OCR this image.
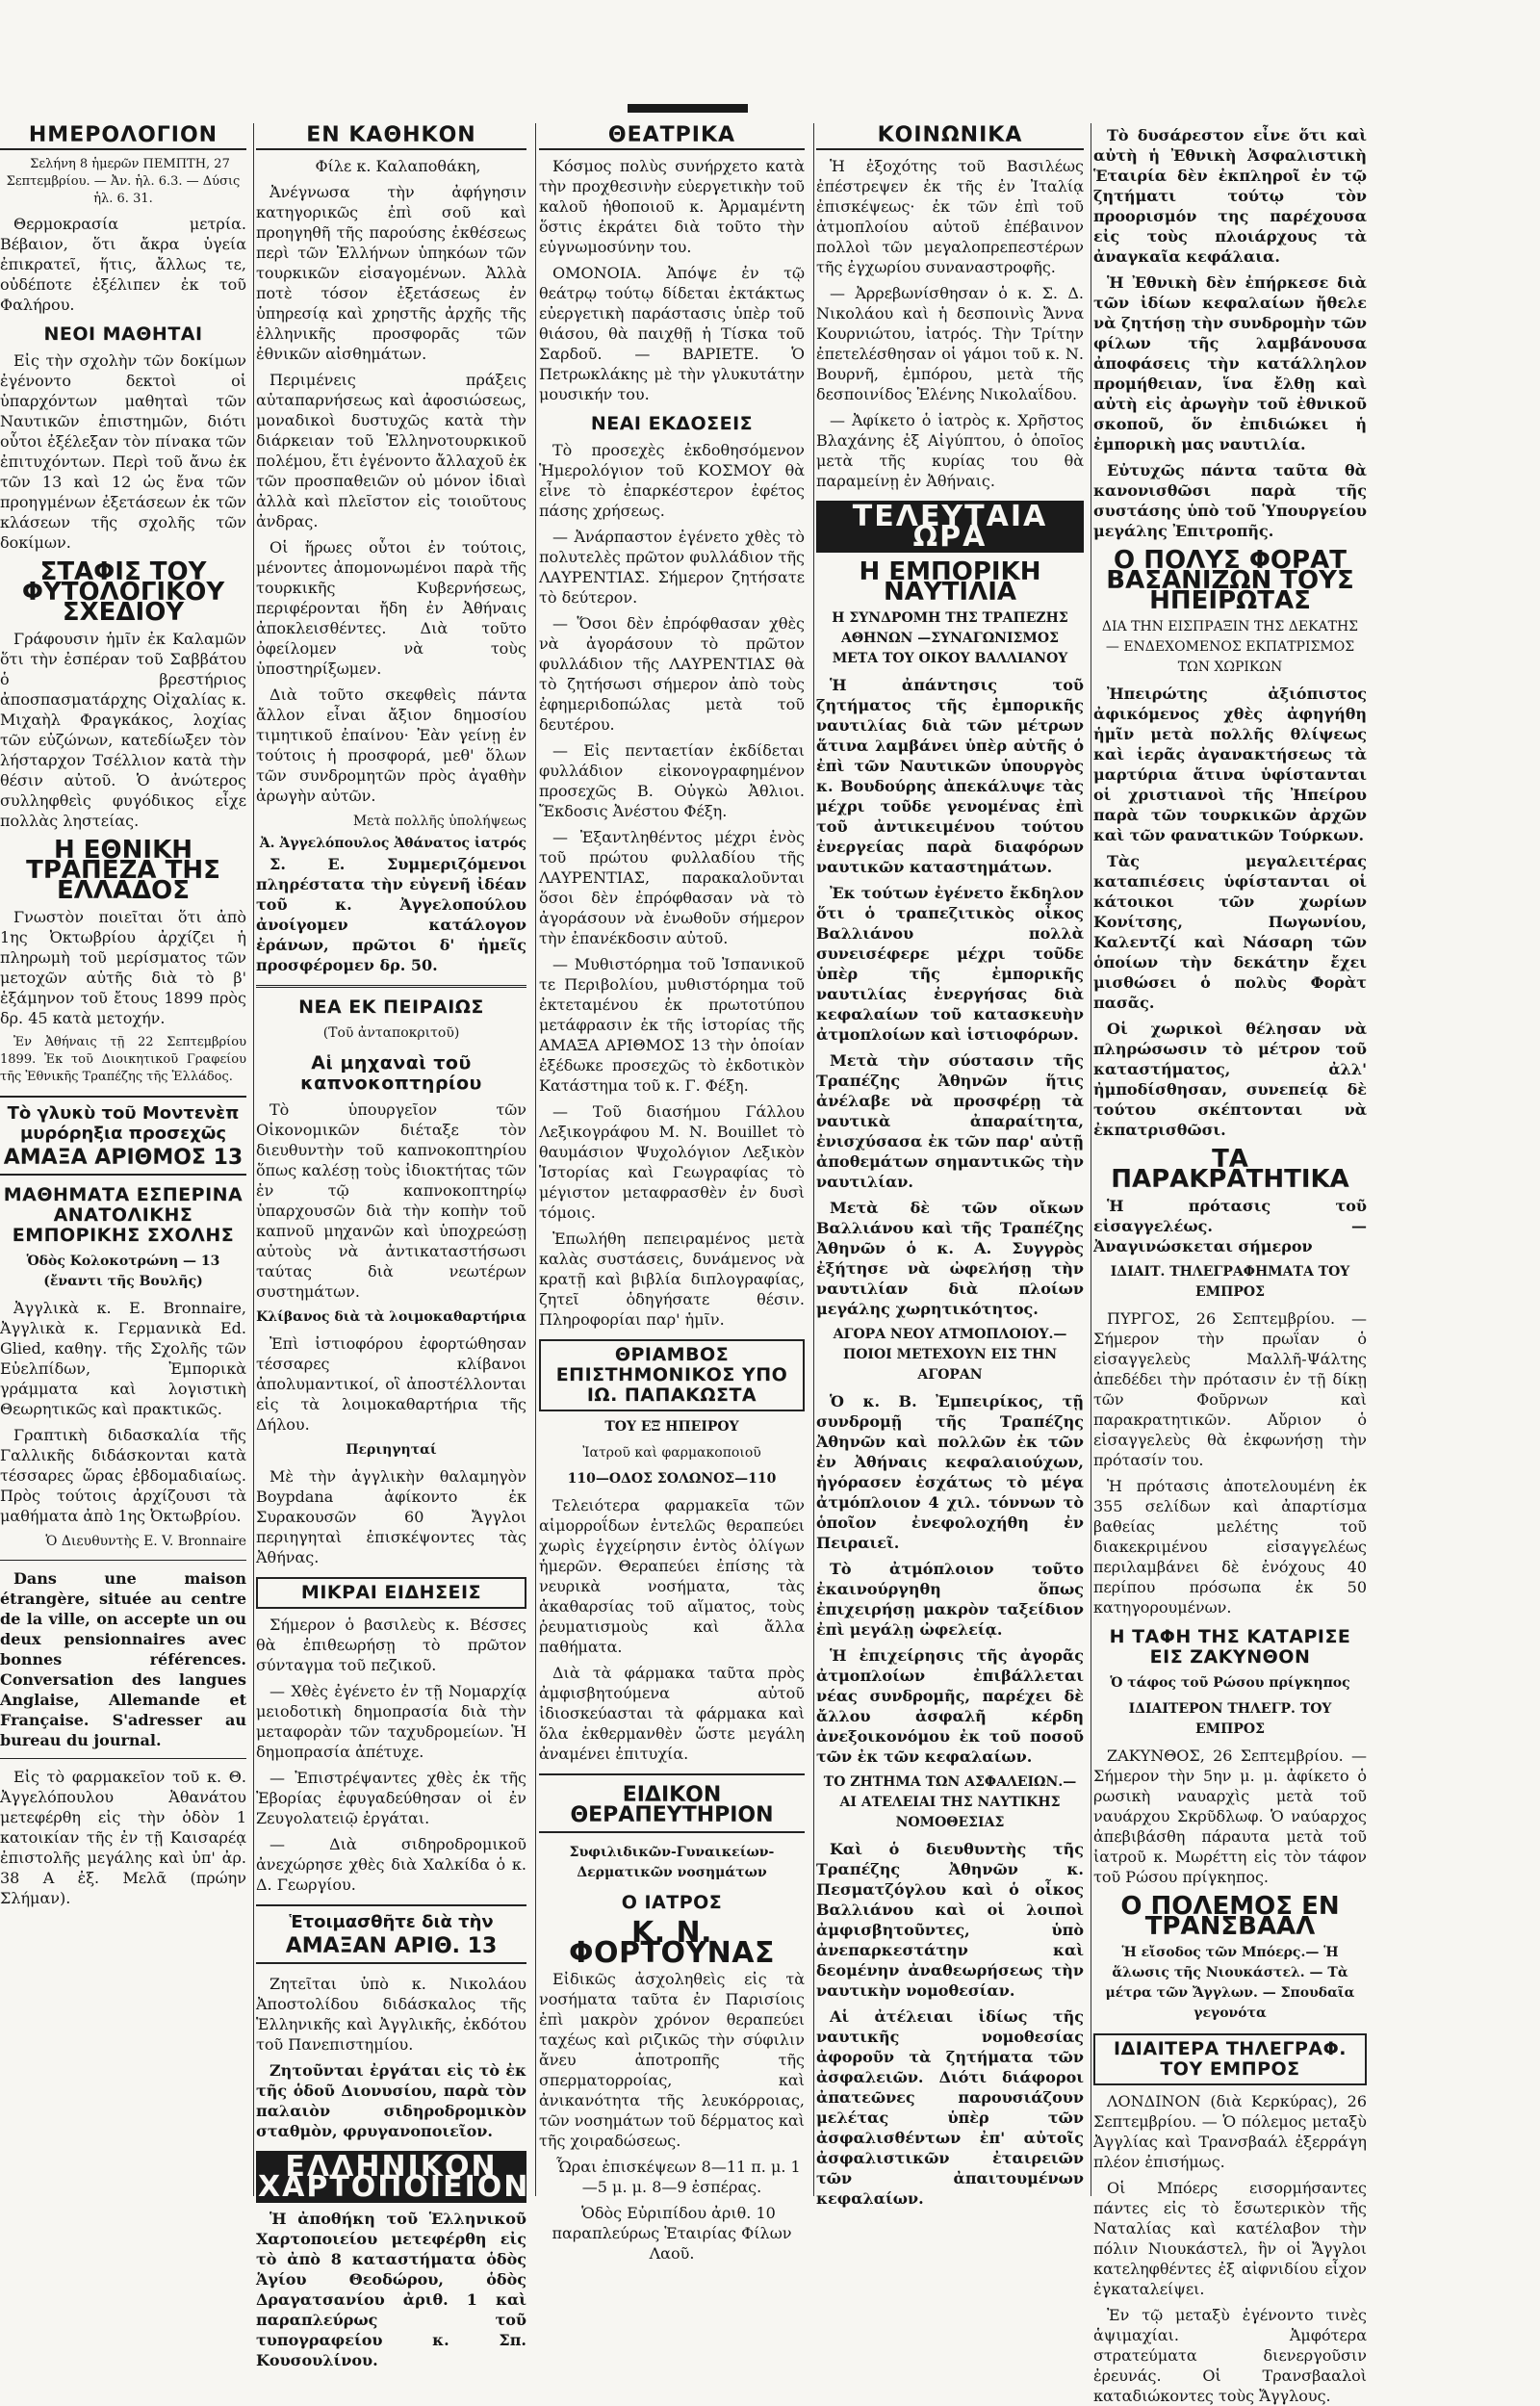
ΗΜΕΡΟΛΟΓΙΟΝ

Σελήνη 8 ἡμερῶν ΠΕΜΠΤΗ, 27 Σεπτεμβρίου. — Ἀν. ἡλ. 6.3. — Δύσις ἡλ. 6. 31.

Θερμοκρασία μετρία. Βέβαιον, ὅτι ἄκρα ὑγεία ἐπικρατεῖ, ἥτις, ἄλλως τε, οὐδέποτε ἐξέλιπεν ἐκ τοῦ Φαλήρου.

ΝΕΟΙ ΜΑΘΗΤΑΙ

Εἰς τὴν σχολὴν τῶν δοκίμων ἐγένοντο δεκτοὶ οἱ ὑπαρχόντων μαθηταὶ τῶν Ναυτικῶν ἐπιστημῶν, διότι οὗτοι ἐξέλεξαν τὸν πίνακα τῶν ἐπιτυχόντων. Περὶ τοῦ ἄνω ἐκ τῶν 13 καὶ 12 ὠς ἔνα τῶν προηγμένων ἐξετάσεων ἐκ τῶν κλάσεων τῆς σχολῆς τῶν δοκίμων.

ΣΤΑΦΙΣ ΤΟΥ ΦΥΤΟΛΟΓΙΚΟΥ ΣΧΕΔΙΟΥ

Γράφουσιν ἡμῖν ἐκ Καλαμῶν ὅτι τὴν ἐσπέραν τοῦ Σαββάτου ὁ βρεστήριος ἀποσπασματάρχης Οἰχαλίας κ. Μιχαὴλ Φραγκάκος, λοχίας τῶν εὐζώνων, κατεδίωξεν τὸν λήσταρχον Τσέλλιον κατὰ τὴν θέσιν αὐτοῦ. Ὁ ἀνώτερος συλληφθεὶς φυγόδικος εἶχε πολλὰς ληστείας.

Η ΕΘΝΙΚΗ ΤΡΑΠΕΖΑ ΤΗΣ ΕΛΛΑΔΟΣ

Γνωστὸν ποιεῖται ὅτι ἀπὸ 1ης Ὀκτωβρίου ἀρχίζει ἡ πληρωμὴ τοῦ μερίσματος τῶν μετοχῶν αὐτῆς διὰ τὸ β' ἑξάμηνον τοῦ ἔτους 1899 πρὸς δρ. 45 κατὰ μετοχήν.

Ἐν Ἀθήναις τῇ 22 Σεπτεμβρίου 1899. Ἐκ τοῦ Διοικητικοῦ Γραφείου τῆς Ἐθνικῆς Τραπέζης τῆς Ἑλλάδος.

Τὸ γλυκὺ τοῦ Μοντενὲπ μυρόρηξια προσεχῶς
ΑΜΑΞΑ ΑΡΙΘΜΟΣ 13
ΜΑΘΗΜΑΤΑ ΕΣΠΕΡΙΝΑ ΑΝΑΤΟΛΙΚΗΣ ΕΜΠΟΡΙΚΗΣ ΣΧΟΛΗΣ
Ὁδὸς Κολοκοτρώνη — 13 (ἔναντι τῆς Βουλῆς)

Ἀγγλικὰ κ. E. Bronnaire, Ἀγγλικὰ κ. Γερμανικὰ Ed. Glied, καθηγ. τῆς Σχολῆς τῶν Εὐελπίδων, Ἐμπορικὰ γράμματα καὶ λογιστικὴ Θεωρητικῶς καὶ πρακτικῶς.

Γραπτικὴ διδασκαλία τῆς Γαλλικῆς διδάσκονται κατὰ τέσσαρες ὥρας ἐβδομαδιαίως. Πρὸς τούτοις ἀρχίζουσι τὰ μαθήματα ἀπὸ 1ης Ὀκτωβρίου.

Ὁ Διευθυντὴς E. V. Bronnaire

Dans une maison étrangère, située au centre de la ville, on accepte un ou deux pensionnaires avec bonnes références. Conversation des langues Anglaise, Allemande et Française. S'adresser au bureau du journal.

Εἰς τὸ φαρμακεῖον τοῦ κ. Θ. Ἀγγελόπουλου Ἀθανάτου μετεφέρθη εἰς τὴν ὁδὸν 1 κατοικίαν τῆς ἐν τῇ Καισαρέᾳ ἐπιστολῆς μεγάλης καὶ ὑπ' ἀρ. 38 Α ἐξ. Μελᾶ (πρώην Σλήμαν).

ΕΝ ΚΑΘΗΚΟΝ

Φίλε κ. Καλαποθάκη,

Ἀνέγνωσα τὴν ἀφήγησιν κατηγορικῶς ἐπὶ σοῦ καὶ προηγηθῆ τῆς παρούσης ἐκθέσεως περὶ τῶν Ἑλλήνων ὑπηκόων τῶν τουρκικῶν εἰσαγομένων. Ἀλλὰ ποτὲ τόσον ἐξετάσεως ἐν ὑπηρεσίᾳ καὶ χρηστῆς ἀρχῆς τῆς ἑλληνικῆς προσφορᾶς τῶν ἐθνικῶν αἰσθημάτων.

Περιμένεις πράξεις αὐταπαρνήσεως καὶ ἀφοσιώσεως, μοναδικοὶ δυστυχῶς κατὰ τὴν διάρκειαν τοῦ Ἑλληνοτουρκικοῦ πολέμου, ἔτι ἐγένοντο ἄλλαχοῦ ἐκ τῶν προσπαθειῶν οὐ μόνον ἰδιαὶ ἀλλὰ καὶ πλεῖστον εἰς τοιοῦτους ἀνδρας.

Οἱ ἥρωες οὗτοι ἐν τούτοις, μένοντες ἀπομονωμένοι παρὰ τῆς τουρκικῆς Κυβερνήσεως, περιφέρονται ἤδη ἐν Ἀθήναις ἀποκλεισθέντες. Διὰ τοῦτο ὀφείλομεν νὰ τοὺς ὑποστηρίξωμεν.

Διὰ τοῦτο σκεφθεὶς πάντα ἄλλον εἶναι ἄξιον δημοσίου τιμητικοῦ ἐπαίνου· Ἐὰν γείνῃ ἐν τούτοις ἡ προσφορά, μεθ' ὅλων τῶν συνδρομητῶν πρὸς ἀγαθὴν ἀρωγὴν αὐτῶν.

Μετὰ πολλῆς ὑπολήψεως
Ἀ. Ἀγγελόπουλος Ἀθάνατος ἰατρός

Σ. Ε. Συμμεριζόμενοι πληρέστατα τὴν εὐγενῆ ἰδέαν τοῦ κ. Ἀγγελοπούλου ἀνοίγομεν κατάλογον ἐράνων, πρῶτοι δ' ἡμεῖς προσφέρομεν δρ. 50.

ΝΕΑ ΕΚ ΠΕΙΡΑΙΩΣ
(Τοῦ ἀνταποκριτοῦ)
Αἱ μηχαναὶ τοῦ καπνοκοπτηρίου

Τὸ ὑπουργεῖον τῶν Οἰκονομικῶν διέταξε τὸν διευθυντὴν τοῦ καπνοκοπτηρίου ὅπως καλέσῃ τοὺς ἰδιοκτήτας τῶν ἐν τῷ καπνοκοπτηρίῳ ὑπαρχουσῶν διὰ τὴν κοπὴν τοῦ καπνοῦ μηχανῶν καὶ ὑποχρεώσῃ αὐτοὺς νὰ ἀντικαταστήσωσι ταύτας διὰ νεωτέρων συστημάτων.

Κλίβανος διὰ τὰ λοιμοκαθαρτήρια

Ἐπὶ ἰστιοφόρου ἐφορτώθησαν τέσσαρες κλίβανοι ἀπολυμαντικοί, οἳ ἀποστέλλονται εἰς τὰ λοιμοκαθαρτήρια τῆς Δήλου.

Περιηγηταί

Μὲ τὴν ἀγγλικὴν θαλαμηγὸν Boypdana ἀφίκοντο ἐκ Συρακουσῶν 60 Ἄγγλοι περιηγηταὶ ἐπισκέψοντες τὰς Ἀθήνας.

ΜΙΚΡΑΙ ΕΙΔΗΣΕΙΣ

Σήμερον ὁ βασιλεὺς κ. Βέσσες θὰ ἐπιθεωρήσῃ τὸ πρῶτον σύνταγμα τοῦ πεζικοῦ.

— Χθὲς ἐγένετο ἐν τῇ Νομαρχίᾳ μειοδοτικὴ δημοπρασία διὰ τὴν μεταφορὰν τῶν ταχυδρομείων. Ἡ δημοπρασία ἀπέτυχε.

— Ἐπιστρέψαντες χθὲς ἐκ τῆς Ἐβορίας ἐφυγαδεύθησαν οἱ ἐν Ζευγολατειῷ ἐργάται.

— Διὰ σιδηροδρομικοῦ ἀνεχώρησε χθὲς διὰ Χαλκίδα ὁ κ. Δ. Γεωργίου.

Ἑτοιμασθῆτε διὰ τὴν
ΑΜΑΞΑΝ ΑΡΙΘ. 13

Ζητεῖται ὑπὸ κ. Νικολάου Ἀποστολίδου διδάσκαλος τῆς Ἑλληνικῆς καὶ Ἀγγλικῆς, ἐκδότου τοῦ Πανεπιστημίου.

Ζητοῦνται ἐργάται εἰς τὸ ἐκ τῆς ὁδοῦ Διονυσίου, παρὰ τὸν παλαιὸν σιδηροδρομικὸν σταθμὸν, φρυγανοποιεῖον.

ΕΛΛΗΝΙΚΟΝ ΧΑΡΤΟΠΟΙΕΙΟΝ

Ἡ ἀποθήκη τοῦ Ἑλληνικοῦ Χαρτοποιείου μετεφέρθη εἰς τὸ ἀπὸ 8 καταστήματα ὁδὸς Ἁγίου Θεοδώρου, ὁδὸς Δραγατσανίου ἀριθ. 1 καὶ παραπλεύρως τοῦ τυπογραφείου κ. Σπ. Κουσουλίνου.

ΘΕΑΤΡΙΚΑ

Κόσμος πολὺς συνήρχετο κατὰ τὴν προχθεσινὴν εὐεργετικὴν τοῦ καλοῦ ἠθοποιοῦ κ. Ἀρμαμέντη ὅστις ἐκράτει διὰ τοῦτο τὴν εὐγνωμοσύνην του.

ΟΜΟΝΟΙΑ. Ἀπόψε ἐν τῷ θεάτρῳ τούτῳ δίδεται ἐκτάκτως εὐεργετικὴ παράστασις ὑπὲρ τοῦ θιάσου, θὰ παιχθῇ ἡ Τίσκα τοῦ Σαρδοῦ. — ΒΑΡΙΕΤΕ. Ὁ Πετρωκλάκης μὲ τὴν γλυκυτάτην μουσικήν του.

ΝΕΑΙ ΕΚΔΟΣΕΙΣ

Τὸ προσεχὲς ἐκδοθησόμενον Ἡμερολόγιον τοῦ ΚΟΣΜΟΥ θὰ εἶνε τὸ ἐπαρκέστερον ἐφέτος πάσης χρήσεως.

— Ἀνάρπαστον ἐγένετο χθὲς τὸ πολυτελὲς πρῶτον φυλλάδιον τῆς ΛΑΥΡΕΝΤΙΑΣ. Σήμερον ζητήσατε τὸ δεύτερον.

— Ὅσοι δὲν ἐπρόφθασαν χθὲς νὰ ἀγοράσουν τὸ πρῶτον φυλλάδιον τῆς ΛΑΥΡΕΝΤΙΑΣ θὰ τὸ ζητήσωσι σήμερον ἀπὸ τοὺς ἐφημεριδοπώλας μετὰ τοῦ δευτέρου.

— Εἰς πενταετίαν ἐκδίδεται φυλλάδιον εἰκονογραφημένον προσεχῶς Β. Οὐγκὼ Ἀθλιοι. Ἔκδοσις Ἀνέστου Φέξη.

— Ἐξαντληθέντος μέχρι ἑνὸς τοῦ πρώτου φυλλαδίου τῆς ΛΑΥΡΕΝΤΙΑΣ, παρακαλοῦνται ὅσοι δὲν ἐπρόφθασαν νὰ τὸ ἀγοράσουν νὰ ἐνωθοῦν σήμερον τὴν ἐπανέκδοσιν αὐτοῦ.

— Μυθιστόρημα τοῦ Ἰσπανικοῦ τε Περιβολίου, μυθιστόρημα τοῦ ἐκτεταμένου ἐκ πρωτοτύπου μετάφρασιν ἐκ τῆς ἱστορίας τῆς ΑΜΑΞΑ ΑΡΙΘΜΟΣ 13 τὴν ὁποίαν ἐξέδωκε προσεχῶς τὸ ἐκδοτικὸν Κατάστημα τοῦ κ. Γ. Φέξη.

— Τοῦ διασήμου Γάλλου Λεξικογράφου Μ. Ν. Bouillet τὸ θαυμάσιον Ψυχολόγιον Λεξικὸν Ἱστορίας καὶ Γεωγραφίας τὸ μέγιστον μεταφρασθὲν ἐν δυσὶ τόμοις.

Ἐπωλήθη πεπειραμένος μετὰ καλὰς συστάσεις, δυνάμενος νὰ κρατῇ καὶ βιβλία διπλογραφίας, ζητεῖ ὁδηγήσατε θέσιν. Πληροφορίαι παρ' ἡμῖν.

ΘΡΙΑΜΒΟΣ ΕΠΙΣΤΗΜΟΝΙΚΟΣ ΥΠΟ ΙΩ. ΠΑΠΑΚΩΣΤΑ
ΤΟΥ ΕΞ ΗΠΕΙΡΟΥ
Ἰατροῦ καὶ φαρμακοποιοῦ
110—ΟΔΟΣ ΣΟΛΩΝΟΣ—110

Τελειότερα φαρμακεῖα τῶν αἱμορροΐδων ἐντελῶς θεραπεύει χωρὶς ἐγχείρησιν ἐντὸς ὀλίγων ἡμερῶν. Θεραπεύει ἐπίσης τὰ νευρικὰ νοσήματα, τὰς ἀκαθαρσίας τοῦ αἵματος, τοὺς ῥευματισμοὺς καὶ ἄλλα παθήματα.

Διὰ τὰ φάρμακα ταῦτα πρὸς ἀμφισβητούμενα αὐτοῦ ἰδιοσκεύασται τὰ φάρμακα καὶ ὅλα ἐκθερμανθὲν ὥστε μεγάλη ἀναμένει ἐπιτυχία.

ΕΙΔΙΚΟΝ ΘΕΡΑΠΕΥΤΗΡΙΟΝ
Συφιλιδικῶν-Γυναικείων-Δερματικῶν νοσημάτων
Ο ΙΑΤΡΟΣ
Κ. Ν. ΦΟΡΤΟΥΝΑΣ

Εἰδικῶς ἀσχοληθεὶς εἰς τὰ νοσήματα ταῦτα ἐν Παρισίοις ἐπὶ μακρὸν χρόνον θεραπεύει ταχέως καὶ ριζικῶς τὴν σύφιλιν ἄνευ ἀποτροπῆς τῆς σπερματορροίας, καὶ ἀνικανότητα τῆς λευκόρροιας, τῶν νοσημάτων τοῦ δέρματος καὶ τῆς χοιραδώσεως.

Ὧραι ἐπισκέψεων 8—11 π. μ. 1—5 μ. μ. 8—9 ἐσπέρας.

Ὁδὸς Εὐριπίδου ἀριθ. 10 παραπλεύρως Ἑταιρίας Φίλων Λαοῦ.

ΚΟΙΝΩΝΙΚΑ

Ἡ ἐξοχότης τοῦ Βασιλέως ἐπέστρεψεν ἐκ τῆς ἐν Ἰταλίᾳ ἐπισκέψεως· ἐκ τῶν ἐπὶ τοῦ ἀτμοπλοίου αὐτοῦ ἐπέβαινον πολλοὶ τῶν μεγαλοπρεπεστέρων τῆς ἐγχωρίου συναναστροφῆς.

— Ἀρρεβωνίσθησαν ὁ κ. Σ. Δ. Νικολάου καὶ ἡ δεσποινὶς Ἄννα Κουρνιώτου, ἰατρός. Τὴν Τρίτην ἐπετελέσθησαν οἱ γάμοι τοῦ κ. Ν. Βουρνῆ, ἐμπόρου, μετὰ τῆς δεσποινίδος Ἑλένης Νικολαΐδου.

— Ἀφίκετο ὁ ἰατρὸς κ. Χρῆστος Βλαχάνης ἐξ Αἰγύπτου, ὁ ὁποῖος μετὰ τῆς κυρίας του θὰ παραμείνῃ ἐν Ἀθήναις.

ΤΕΛΕΥΤΑΙΑ ΩΡΑ
Η ΕΜΠΟΡΙΚΗ ΝΑΥΤΙΛΙΑ
Η ΣΥΝΔΡΟΜΗ ΤΗΣ ΤΡΑΠΕΖΗΣ ΑΘΗΝΩΝ —ΣΥΝΑΓΩΝΙΣΜΟΣ ΜΕΤΑ ΤΟΥ ΟΙΚΟΥ ΒΑΛΛΙΑΝΟΥ

Ἡ ἀπάντησις τοῦ ζητήματος τῆς ἐμπορικῆς ναυτιλίας διὰ τῶν μέτρων ἅτινα λαμβάνει ὑπὲρ αὐτῆς ὁ ἐπὶ τῶν Ναυτικῶν ὑπουργὸς κ. Βουδούρης ἀπεκάλυψε τὰς μέχρι τοῦδε γενομένας ἐπὶ τοῦ ἀντικειμένου τούτου ἐνεργείας παρὰ διαφόρων ναυτικῶν καταστημάτων.

Ἐκ τούτων ἐγένετο ἔκδηλον ὅτι ὁ τραπεζιτικὸς οἶκος Βαλλιάνου πολλὰ συνεισέφερε μέχρι τοῦδε ὑπὲρ τῆς ἐμπορικῆς ναυτιλίας ἐνεργήσας διὰ κεφαλαίων τοῦ κατασκευὴν ἀτμοπλοίων καὶ ἱστιοφόρων.

Μετὰ τὴν σύστασιν τῆς Τραπέζης Ἀθηνῶν ἥτις ἀνέλαβε νὰ προσφέρῃ τὰ ναυτικὰ ἀπαραίτητα, ἐνισχύσασα ἐκ τῶν παρ' αὐτῇ ἀποθεμάτων σημαντικῶς τὴν ναυτιλίαν.

Μετὰ δὲ τῶν οἴκων Βαλλιάνου καὶ τῆς Τραπέζης Ἀθηνῶν ὁ κ. Α. Συγγρὸς ἐξήτησε νὰ ὠφελήσῃ τὴν ναυτιλίαν διὰ πλοίων μεγάλης χωρητικότητος.

ΑΓΟΡΑ ΝΕΟΥ ΑΤΜΟΠΛΟΙΟΥ.— ΠΟΙΟΙ ΜΕΤΕΧΟΥΝ ΕΙΣ ΤΗΝ ΑΓΟΡΑΝ

Ὁ κ. Β. Ἐμπειρίκος, τῇ συνδρομῇ τῆς Τραπέζης Ἀθηνῶν καὶ πολλῶν ἐκ τῶν ἐν Ἀθήναις κεφαλαιούχων, ἠγόρασεν ἐσχάτως τὸ μέγα ἀτμόπλοιον 4 χιλ. τόννων τὸ ὁποῖον ἐνεφολοχήθη ἐν Πειραιεῖ.

Τὸ ἀτμόπλοιον τοῦτο ἐκαινούργηθη ὅπως ἐπιχειρήσῃ μακρὸν ταξείδιον ἐπὶ μεγάλῃ ὠφελείᾳ.

Ἡ ἐπιχείρησις τῆς ἀγορᾶς ἀτμοπλοίων ἐπιβάλλεται νέας συνδρομῆς, παρέχει δὲ ἄλλου ἀσφαλῆ κέρδη ἀνεξοικονόμου ἐκ τοῦ ποσοῦ τῶν ἐκ τῶν κεφαλαίων.

ΤΟ ΖΗΤΗΜΑ ΤΩΝ ΑΣΦΑΛΕΙΩΝ.— ΑΙ ΑΤΕΛΕΙΑΙ ΤΗΣ ΝΑΥΤΙΚΗΣ ΝΟΜΟΘΕΣΙΑΣ

Καὶ ὁ διευθυντὴς τῆς Τραπέζης Ἀθηνῶν κ. Πεσματζόγλου καὶ ὁ οἶκος Βαλλιάνου καὶ οἱ λοιποὶ ἀμφισβητοῦντες, ὑπὸ ἀνεπαρκεστάτην καὶ δεομένην ἀναθεωρήσεως τὴν ναυτικὴν νομοθεσίαν.

Αἱ ἀτέλειαι ἰδίως τῆς ναυτικῆς νομοθεσίας ἀφοροῦν τὰ ζητήματα τῶν ἀσφαλειῶν. Διότι διάφοροι ἀπατεῶνες παρουσιάζουν μελέτας ὑπὲρ τῶν ἀσφαλισθέντων ἐπ' αὐτοῖς ἀσφαλιστικῶν ἐταιρειῶν τῶν ἀπαιτουμένων κεφαλαίων.

Τὸ δυσάρεστον εἶνε ὅτι καὶ αὐτὴ ἡ Ἐθνικὴ Ἀσφαλιστικὴ Ἑταιρία δὲν ἐκπληροῖ ἐν τῷ ζητήματι τούτῳ τὸν προορισμόν της παρέχουσα εἰς τοὺς πλοιάρχους τὰ ἀναγκαῖα κεφάλαια.

Ἡ Ἐθνικὴ δὲν ἐπήρκεσε διὰ τῶν ἰδίων κεφαλαίων ἤθελε νὰ ζητήσῃ τὴν συνδρομὴν τῶν φίλων τῆς λαμβάνουσα ἀποφάσεις τὴν κατάλληλον προμήθειαν, ἵνα ἔλθῃ καὶ αὐτὴ εἰς ἀρωγὴν τοῦ ἐθνικοῦ σκοποῦ, ὅν ἐπιδιώκει ἡ ἐμπορικὴ μας ναυτιλία.

Εὐτυχῶς πάντα ταῦτα θὰ κανονισθῶσι παρὰ τῆς συστάσης ὑπὸ τοῦ Ὑπουργείου μεγάλης Ἐπιτροπῆς.

Ο ΠΟΛΥΣ ΦΟΡΑΤ ΒΑΣΑΝΙΖΩΝ ΤΟΥΣ ΗΠΕΙΡΩΤΑΣ
ΔΙΑ ΤΗΝ ΕΙΣΠΡΑΞΙΝ ΤΗΣ ΔΕΚΑΤΗΣ — ΕΝΔΕΧΟΜΕΝΟΣ ΕΚΠΑΤΡΙΣΜΟΣ ΤΩΝ ΧΩΡΙΚΩΝ

Ἠπειρώτης ἀξιόπιστος ἀφικόμενος χθὲς ἀφηγήθη ἡμῖν μετὰ πολλῆς θλίψεως καὶ ἱερᾶς ἀγανακτήσεως τὰ μαρτύρια ἅτινα ὑφίστανται οἱ χριστιανοὶ τῆς Ἠπείρου παρὰ τῶν τουρκικῶν ἀρχῶν καὶ τῶν φανατικῶν Τούρκων.

Τὰς μεγαλειτέρας καταπιέσεις ὑφίστανται οἱ κάτοικοι τῶν χωρίων Κονίτσης, Πωγωνίου, Καλεντζί καὶ Νάσαρη τῶν ὁποίων τὴν δεκάτην ἔχει μισθώσει ὁ πολὺς Φορὰτ πασᾶς.

Οἱ χωρικοὶ θέλησαν νὰ πληρώσωσιν τὸ μέτρον τοῦ καταστήματος, ἀλλ' ἠμποδίσθησαν, συνεπείᾳ δὲ τούτου σκέπτονται νὰ ἐκπατρισθῶσι.

ΤΑ ΠΑΡΑΚΡΑΤΗΤΙΚΑ

Ἡ πρότασις τοῦ εἰσαγγελέως. — Ἀναγινώσκεται σήμερον

ΙΔΙΑΙΤ. ΤΗΛΕΓΡΑΦΗΜΑΤΑ ΤΟΥ ΕΜΠΡΟΣ

ΠΥΡΓΟΣ, 26 Σεπτεμβρίου. — Σήμερον τὴν πρωΐαν ὁ εἰσαγγελεὺς Μαλλῆ-Ψάλτης ἀπεδέδει τὴν πρότασιν ἐν τῇ δίκῃ τῶν Φοῦρνων καὶ παρακρατητικῶν. Αὔριον ὁ εἰσαγγελεὺς θὰ ἐκφωνήσῃ τὴν πρότασίν του.

Ἡ πρότασις ἀποτελουμένη ἐκ 355 σελίδων καὶ ἀπαρτίσμα βαθείας μελέτης τοῦ διακεκριμένου εἰσαγγελέως περιλαμβάνει δὲ ἐνόχους 40 περίπου πρόσωπα ἐκ 50 κατηγορουμένων.

Η ΤΑΦΗ ΤΗΣ ΚΑΤΑΡΙΣΕ ΕΙΣ ΖΑΚΥΝΘΟΝ
Ὁ τάφος τοῦ Ρώσου πρίγκηπος
ΙΔΙΑΙΤΕΡΟΝ ΤΗΛΕΓΡ. ΤΟΥ ΕΜΠΡΟΣ

ΖΑΚΥΝΘΟΣ, 26 Σεπτεμβρίου. — Σήμερον τὴν 5ην μ. μ. ἀφίκετο ὁ ρωσικὴ ναυαρχὶς μετὰ τοῦ ναυάρχου Σκρῦδλωφ. Ὁ ναύαρχος ἀπεβιβάσθη πάραυτα μετὰ τοῦ ἰατροῦ κ. Μωρέττη εἰς τὸν τάφον τοῦ Ρώσου πρίγκηπος.

Ο ΠΟΛΕΜΟΣ ΕΝ ΤΡΑΝΣΒΑΑΛ
Ἡ εἴσοδος τῶν Μπόερς.— Ἡ ἅλωσις τῆς Νιουκάστελ. — Τὰ μέτρα τῶν Ἄγγλων. — Σπουδαῖα γεγονότα
ΙΔΙΑΙΤΕΡΑ ΤΗΛΕΓΡΑΦ. ΤΟΥ ΕΜΠΡΟΣ

ΛΟΝΔΙΝΟΝ (διὰ Κερκύρας), 26 Σεπτεμβρίου. — Ὁ πόλεμος μεταξὺ Ἀγγλίας καὶ Τρανσβαάλ ἐξερράγη πλέον ἐπισήμως.

Οἱ Μπόερς εισορμήσαντες πάντες εἰς τὸ ἔσωτερικὸν τῆς Ναταλίας καὶ κατέλαβον τὴν πόλιν Νιουκάστελ, ἣν οἱ Ἄγγλοι κατεληφθέντες ἐξ αἰφνιδίου εἶχον ἐγκαταλείψει.

Ἐν τῷ μεταξὺ ἐγένοντο τινὲς ἁψιμαχίαι. Ἀμφότερα στρατεύματα διενεργοῦσιν ἐρευνάς. Οἱ Τρανσβααλοὶ καταδιώκοντες τοὺς Ἄγγλους.
